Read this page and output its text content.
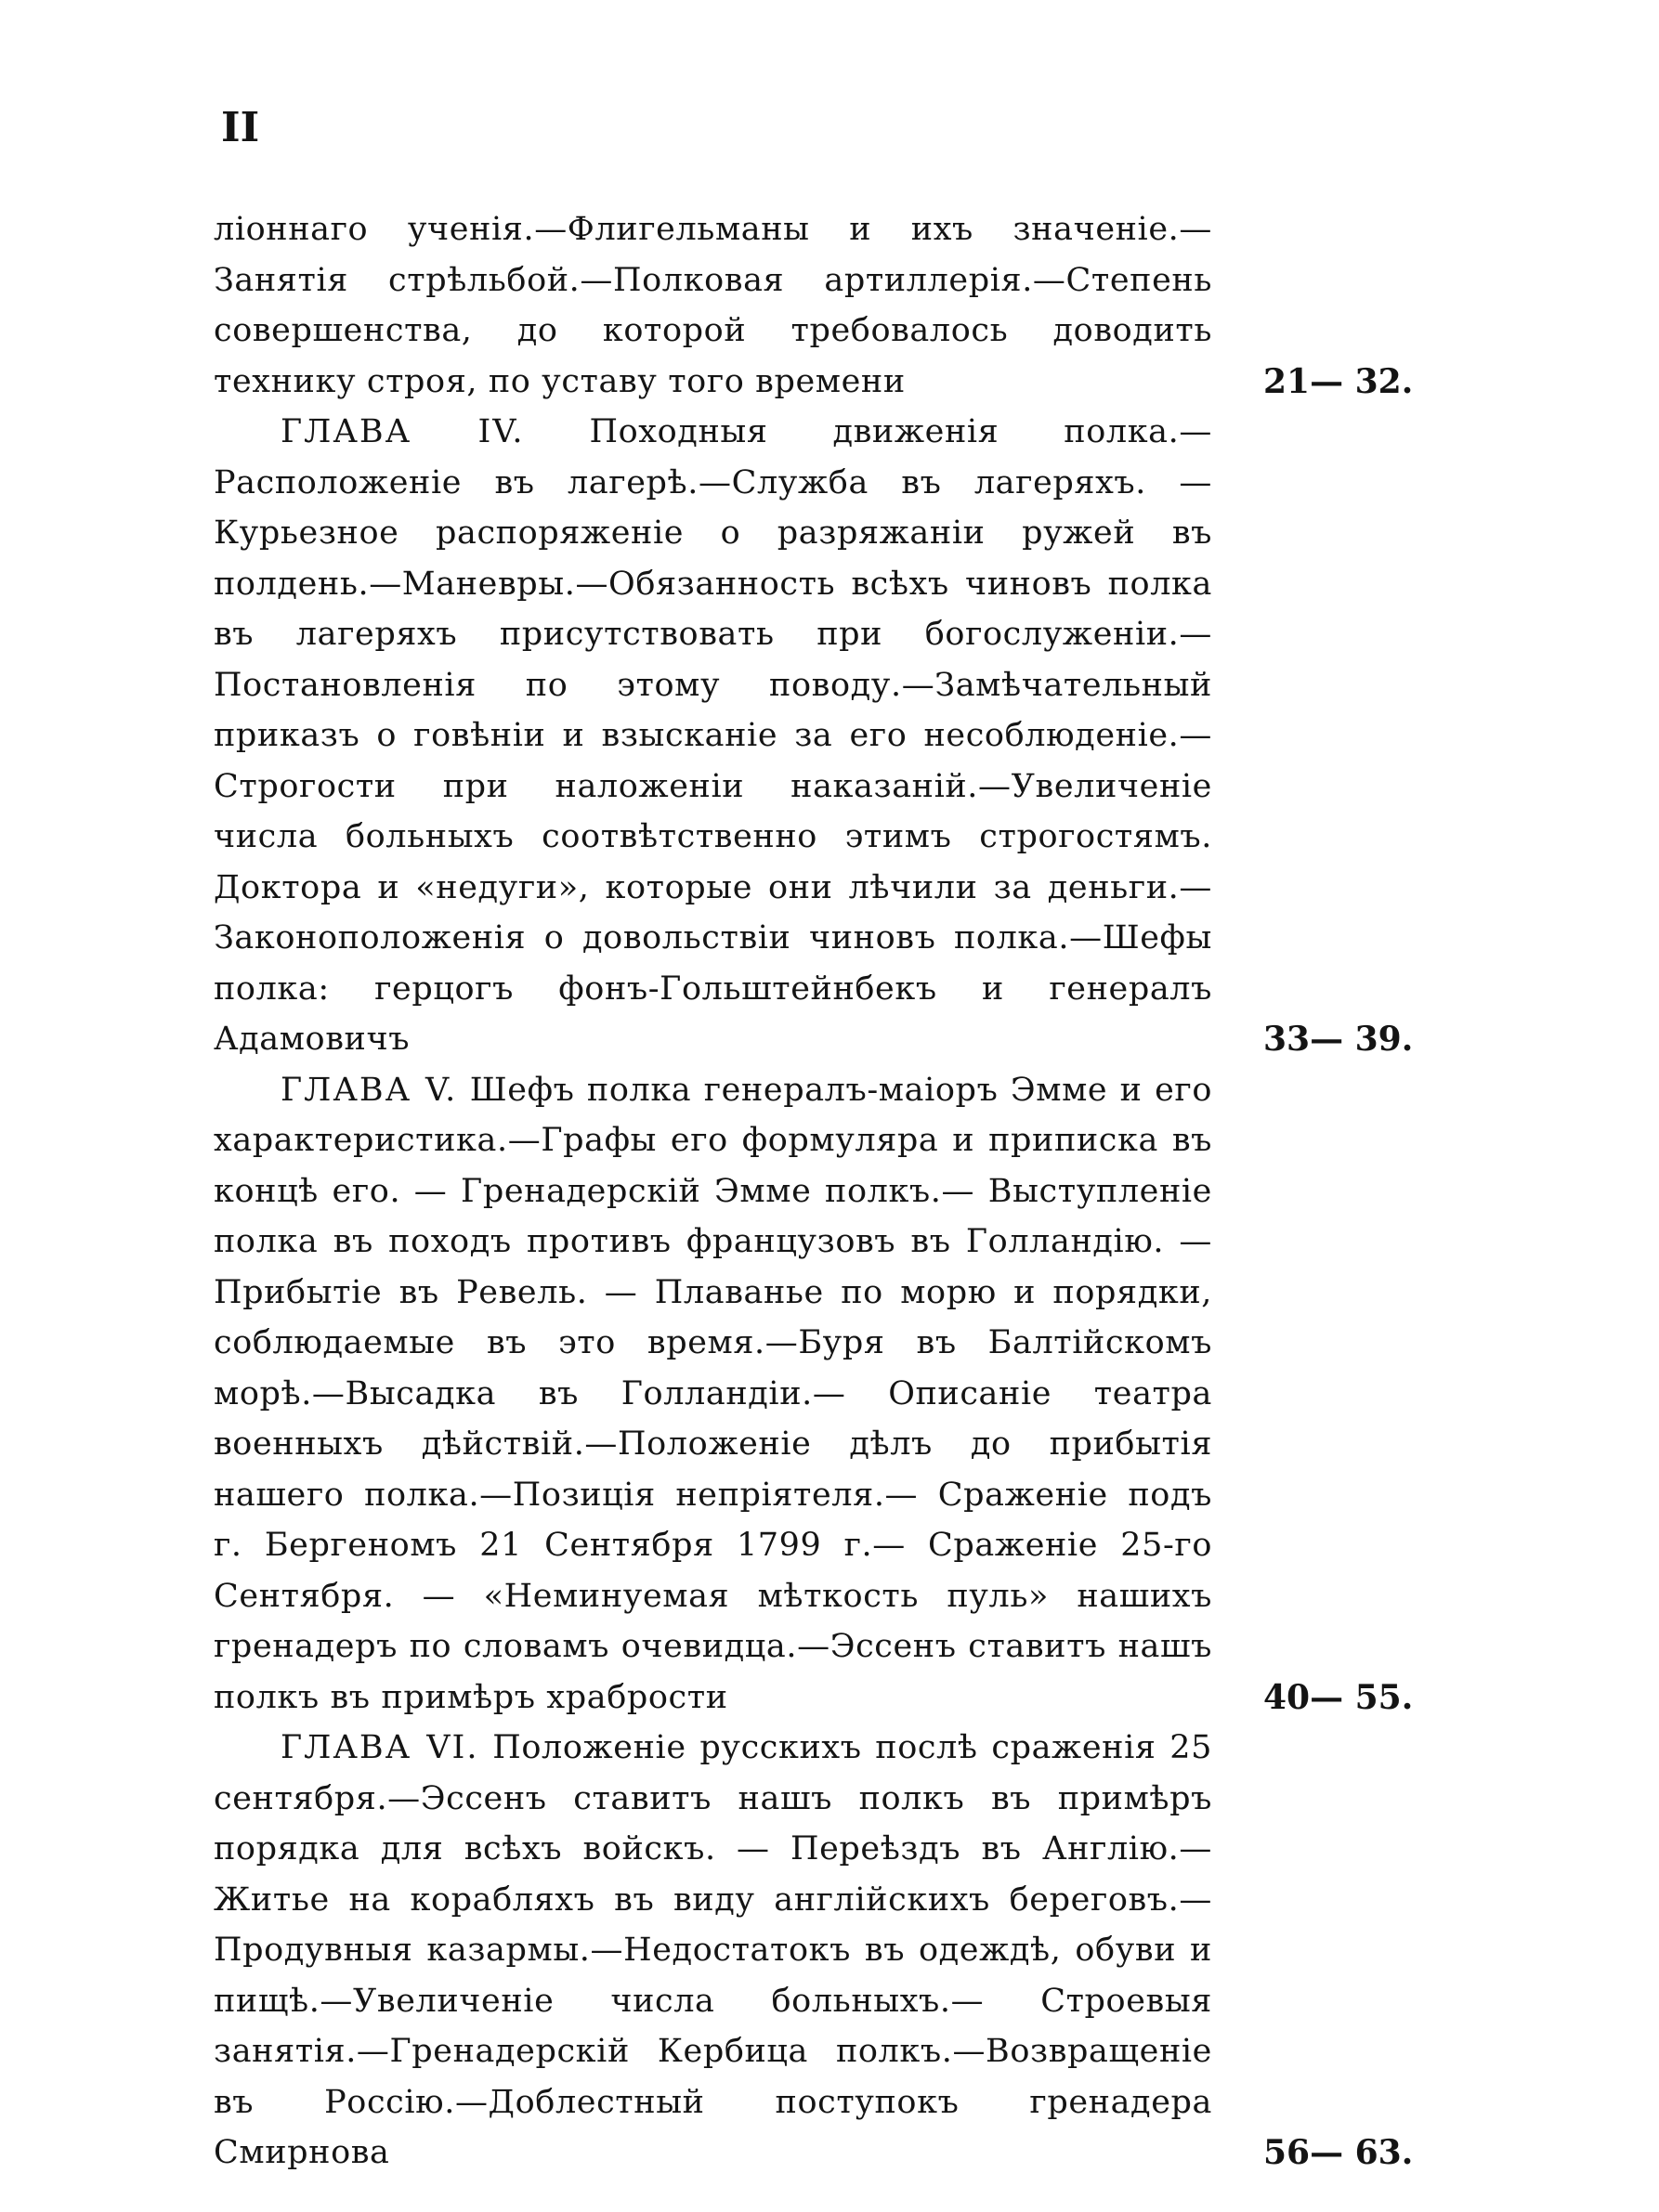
II
ліоннаго ученія.—Флигельманы и ихъ значеніе.—Занятія стрѣльбой.—Полковая артиллерія.—Степень совершенства, до которой требовалось доводить технику строя, по уставу того времени	21— 32.
ГЛАВА IV. Походныя движенія полка.—Расположеніе въ лагерѣ.—Служба въ лагеряхъ. — Курьезное распоряженіе о разряжаніи ружей въ полдень.—Маневры.—Обязанность всѣхъ чиновъ полка въ лагеряхъ присутствовать при богослуженіи.—Постановленія по этому поводу.—Замѣчательный приказъ о говѣніи и взысканіе за его несоблюденіе.—Строгости при наложеніи наказаній.—Увеличеніе числа больныхъ соотвѣтственно этимъ строгостямъ. Доктора и «недуги», которые они лѣчили за деньги.—Законоположенія о довольствіи чиновъ полка.—Шефы полка: герцогъ фонъ-Гольштейнбекъ и генералъ Адамовичъ	33— 39.
ГЛАВА V. Шефъ полка генералъ-маіоръ Эмме и его характеристика.—Графы его формуляра и приписка въ концѣ его. — Гренадерскій Эмме полкъ.— Выступленіе полка въ походъ противъ французовъ въ Голландію. — Прибытіе въ Ревель. — Плаванье по морю и порядки, соблюдаемые въ это время.—Буря въ Балтійскомъ морѣ.—Высадка въ Голландіи.— Описаніе театра военныхъ дѣйствій.—Положеніе дѣлъ до прибытія нашего полка.—Позиція непріятеля.— Сраженіе подъ г. Бергеномъ 21 Сентября 1799 г.— Сраженіе 25-го Сентября. — «Неминуемая мѣткость пуль» нашихъ гренадеръ по словамъ очевидца.—Эссенъ ставитъ нашъ полкъ въ примѣръ храбрости	40— 55.
ГЛАВА VI. Положеніе русскихъ послѣ сраженія 25 сентября.—Эссенъ ставитъ нашъ полкъ въ примѣръ порядка для всѣхъ войскъ. — Переѣздъ въ Англію.—Житье на корабляхъ въ виду англійскихъ береговъ.—Продувныя казармы.—Недостатокъ въ одеждѣ, обуви и пищѣ.—Увеличеніе числа больныхъ.— Строевыя занятія.—Гренадерскій Кербица полкъ.—Возвращеніе въ Россію.—Доблестный поступокъ гренадера Смирнова	56— 63.
